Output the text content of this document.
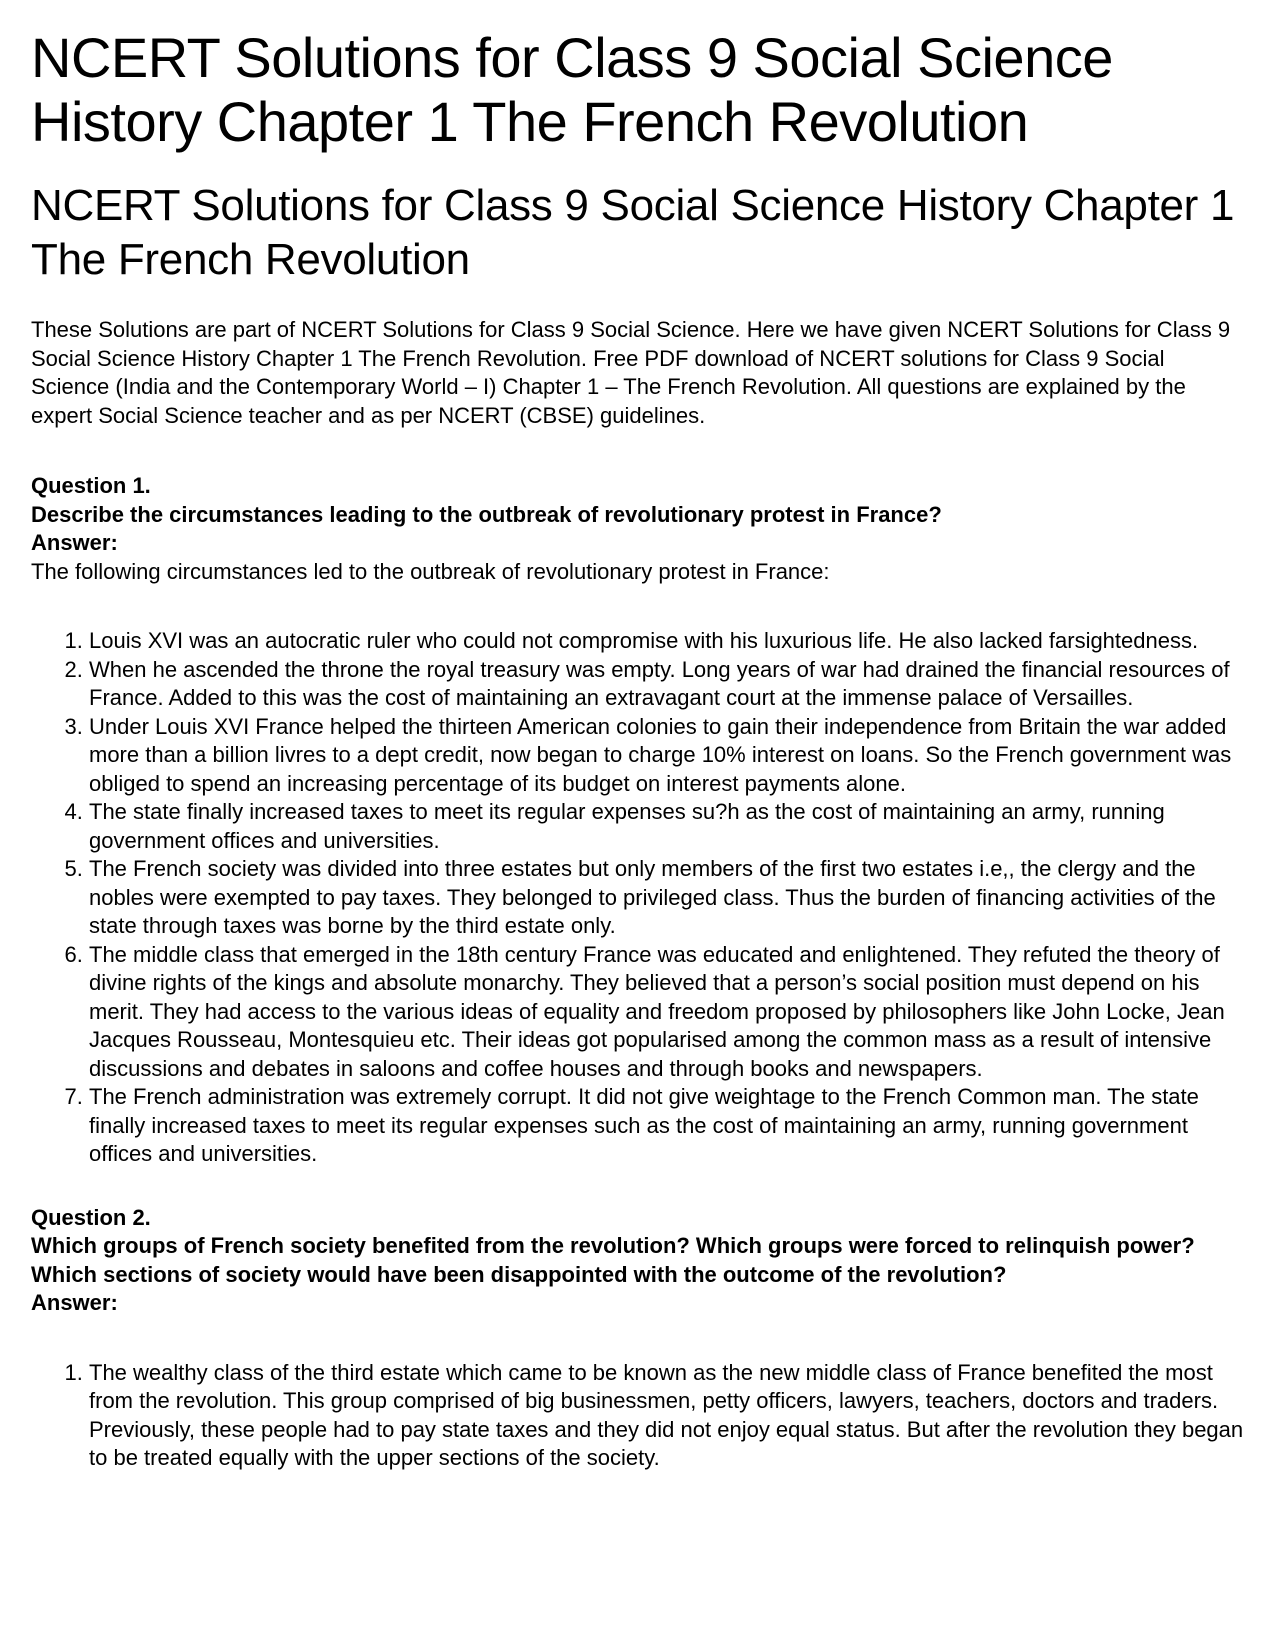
NCERT Solutions for Class 9 Social Science History Chapter 1 The French Revolution
NCERT Solutions for Class 9 Social Science History Chapter 1 The French Revolution

These Solutions are part of NCERT Solutions for Class 9 Social Science. Here we have given NCERT Solutions for Class 9 Social Science History Chapter 1 The French Revolution. Free PDF download of NCERT solutions for Class 9 Social Science (India and the Contemporary World – I) Chapter 1 – The French Revolution. All questions are explained by the expert Social Science teacher and as per NCERT (CBSE) guidelines.

Question 1.

Describe the circumstances leading to the outbreak of revolutionary protest in France?

Answer:

The following circumstances led to the outbreak of revolutionary protest in France:

1. Louis XVI was an autocratic ruler who could not compromise with his luxurious life. He also lacked farsightedness.
2. When he ascended the throne the royal treasury was empty. Long years of war had drained the financial resources of France. Added to this was the cost of maintaining an extravagant court at the immense palace of Versailles.
3. Under Louis XVI France helped the thirteen American colonies to gain their independence from Britain the war added more than a billion livres to a dept credit, now began to charge 10% interest on loans. So the French government was obliged to spend an increasing percentage of its budget on interest payments alone.
4. The state finally increased taxes to meet its regular expenses su?h as the cost of maintaining an army, running government offices and universities.
5. The French society was divided into three estates but only members of the first two estates i.e,, the clergy and the nobles were exempted to pay taxes. They belonged to privileged class. Thus the burden of financing activities of the state through taxes was borne by the third estate only.
6. The middle class that emerged in the 18th century France was educated and enlightened. They refuted the theory of divine rights of the kings and absolute monarchy. They believed that a person’s social position must depend on his merit. They had access to the various ideas of equality and freedom proposed by philosophers like John Locke, Jean Jacques Rousseau, Montesquieu etc. Their ideas got popularised among the common mass as a result of intensive discussions and debates in saloons and coffee houses and through books and newspapers.
7. The French administration was extremely corrupt. It did not give weightage to the French Common man. The state finally increased taxes to meet its regular expenses such as the cost of maintaining an army, running government offices and universities.

Question 2.

Which groups of French society benefited from the revolution? Which groups were forced to relinquish power? Which sections of society would have been disappointed with the outcome of the revolution?

Answer:

1. The wealthy class of the third estate which came to be known as the new middle class of France benefited the most from the revolution. This group comprised of big businessmen, petty officers, lawyers, teachers, doctors and traders. Previously, these people had to pay state taxes and they did not enjoy equal status. But after the revolution they began to be treated equally with the upper sections of the society.
